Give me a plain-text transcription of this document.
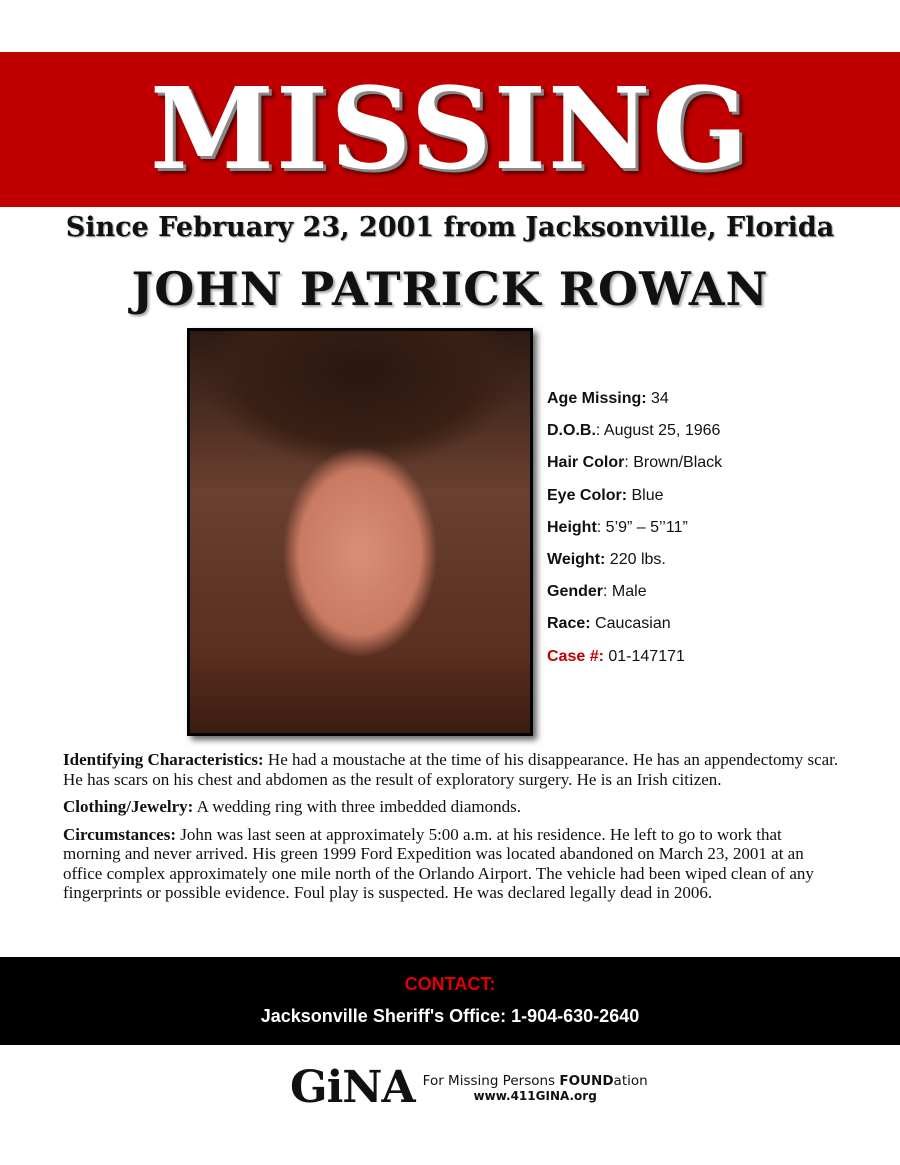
MISSING
Since February 23, 2001 from Jacksonville, Florida
JOHN PATRICK ROWAN
Age Missing: 34
D.O.B.: August 25, 1966
Hair Color: Brown/Black
Eye Color: Blue
Height: 5’9” – 5’’11”
Weight: 220 lbs.
Gender: Male
Race: Caucasian
Case #: 01-147171

Identifying Characteristics: He had a moustache at the time of his disappearance. He has an appendectomy scar. He has scars on his chest and abdomen as the result of exploratory surgery. He is an Irish citizen.

Clothing/Jewelry: A wedding ring with three imbedded diamonds.

Circumstances: John was last seen at approximately 5:00 a.m. at his residence. He left to go to work that morning and never arrived. His green 1999 Ford Expedition was located abandoned on March 23, 2001 at an office complex approximately one mile north of the Orlando Airport. The vehicle had been wiped clean of any fingerprints or possible evidence. Foul play is suspected. He was declared legally dead in 2006.

CONTACT:
Jacksonville Sheriff's Office: 1-904-630-2640
GiNA For Missing Persons FOUNDation
www.411GINA.org
